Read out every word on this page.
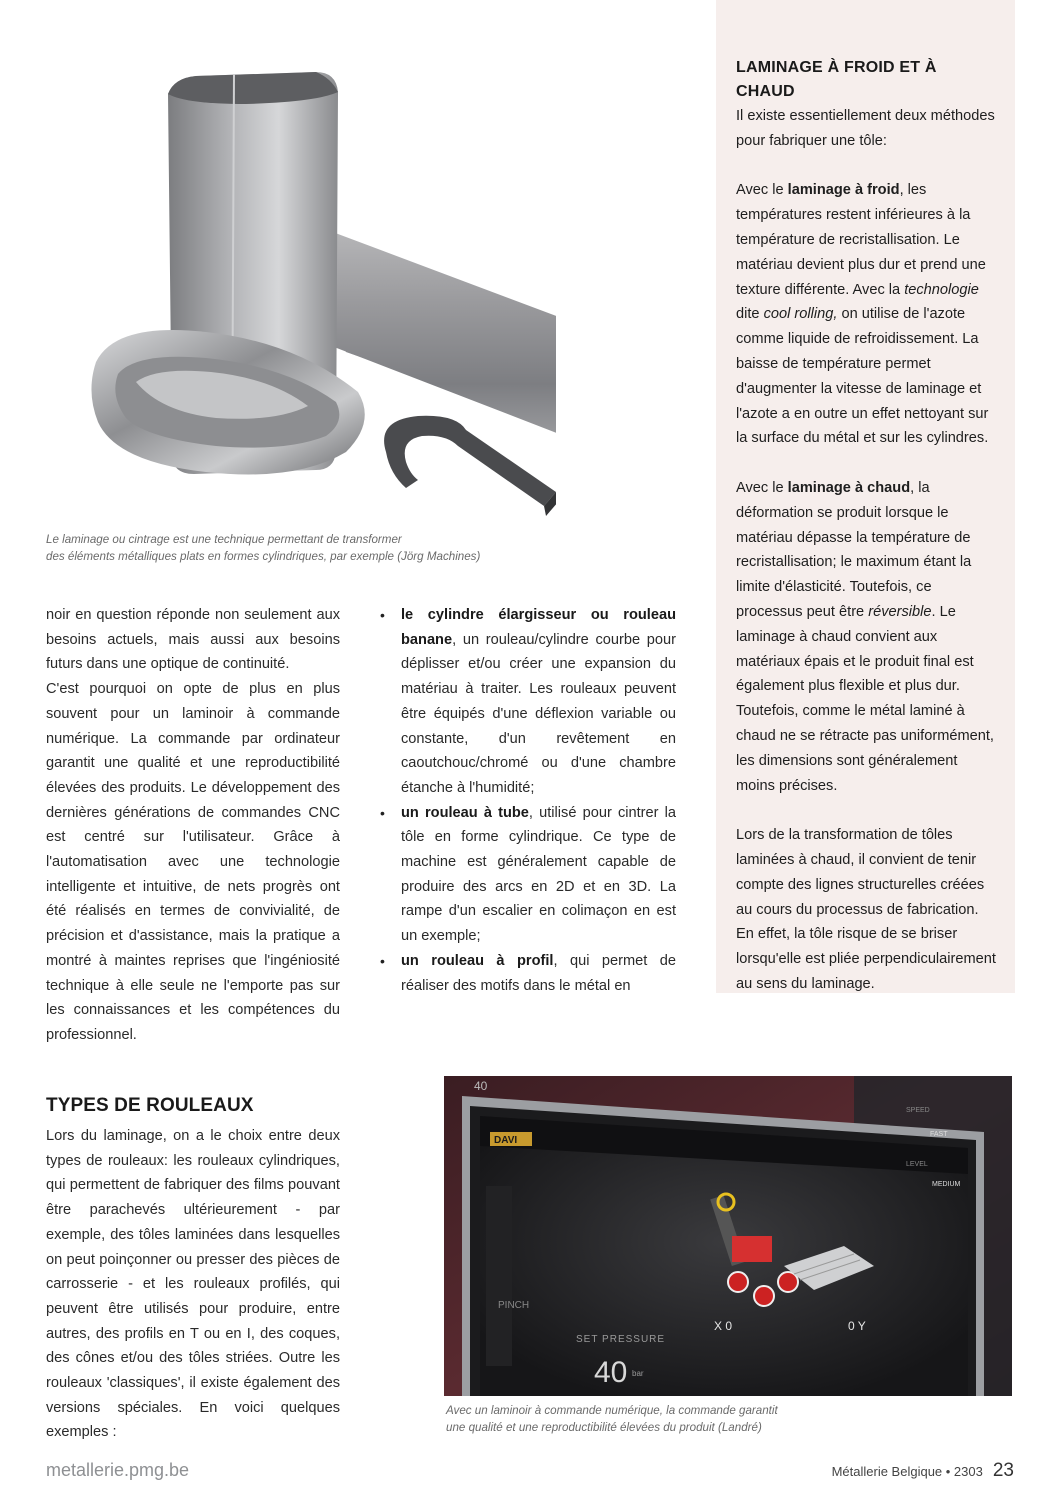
LAMINAGE À FROID ET À CHAUD

Il existe essentiellement deux méthodes pour fabriquer une tôle:

Avec le laminage à froid, les températures restent inférieures à la température de recristallisation. Le matériau devient plus dur et prend une texture différente. Avec la technologie dite cool rolling, on utilise de l'azote comme liquide de refroidissement. La baisse de température permet d'augmenter la vitesse de laminage et l'azote a en outre un effet nettoyant sur la surface du métal et sur les cylindres.

Avec le laminage à chaud, la déformation se produit lorsque le matériau dépasse la température de recristallisation; le maximum étant la limite d'élasticité. Toutefois, ce processus peut être réversible. Le laminage à chaud convient aux matériaux épais et le produit final est également plus flexible et plus dur. Toutefois, comme le métal laminé à chaud ne se rétracte pas uniformément, les dimensions sont généralement moins précises.

Lors de la transformation de tôles laminées à chaud, il convient de tenir compte des lignes structurelles créées au cours du processus de fabrication. En effet, la tôle risque de se briser lorsqu'elle est pliée perpendiculairement au sens du laminage.

Le laminage ou cintrage est une technique permettant de transformer
des éléments métalliques plats en formes cylindriques, par exemple (Jörg Machines)

noir en question réponde non seulement aux besoins actuels, mais aussi aux besoins futurs dans une optique de continuité.

C'est pourquoi on opte de plus en plus souvent pour un laminoir à commande numérique. La commande par ordinateur garantit une qualité et une reproductibilité élevées des produits. Le développement des dernières générations de commandes CNC est centré sur l'utilisateur. Grâce à l'automatisation avec une technologie intelligente et intuitive, de nets progrès ont été réalisés en termes de convivialité, de précision et d'assistance, mais la pratique a montré à maintes reprises que l'ingéniosité technique à elle seule ne l'emporte pas sur les connaissances et les compétences du professionnel.

• le cylindre élargisseur ou rouleau banane, un rouleau/cylindre courbe pour déplisser et/ou créer une expansion du matériau à traiter. Les rouleaux peuvent être équipés d'une déflexion variable ou constante, d'un revêtement en caoutchouc/chromé ou d'une chambre étanche à l'humidité;
• un rouleau à tube, utilisé pour cintrer la tôle en forme cylindrique. Ce type de machine est généralement capable de produire des arcs en 2D et en 3D. La rampe d'un escalier en colimaçon en est un exemple;
• un rouleau à profil, qui permet de réaliser des motifs dans le métal en
TYPES DE ROULEAUX

Lors du laminage, on a le choix entre deux types de rouleaux: les rouleaux cylindriques, qui permettent de fabriquer des films pouvant être parachevés ultérieurement - par exemple, des tôles laminées dans lesquelles on peut poinçonner ou presser des pièces de carrosserie - et les rouleaux profilés, qui peuvent être utilisés pour produire, entre autres, des profils en T ou en I, des coques, des cônes et/ou des tôles striées. Outre les rouleaux 'classiques', il existe également des versions spéciales. En voici quelques exemples :

DAVI
X 0	0 Y
PINCH
SET PRESSURE
40 bar
SPEED
FAST
LEVEL
MEDIUM
40
Avec un laminoir à commande numérique, la commande garantit
une qualité et une reproductibilité élevées du produit (Landré)
metallerie.pmg.be	Métallerie Belgique • 2303 23
